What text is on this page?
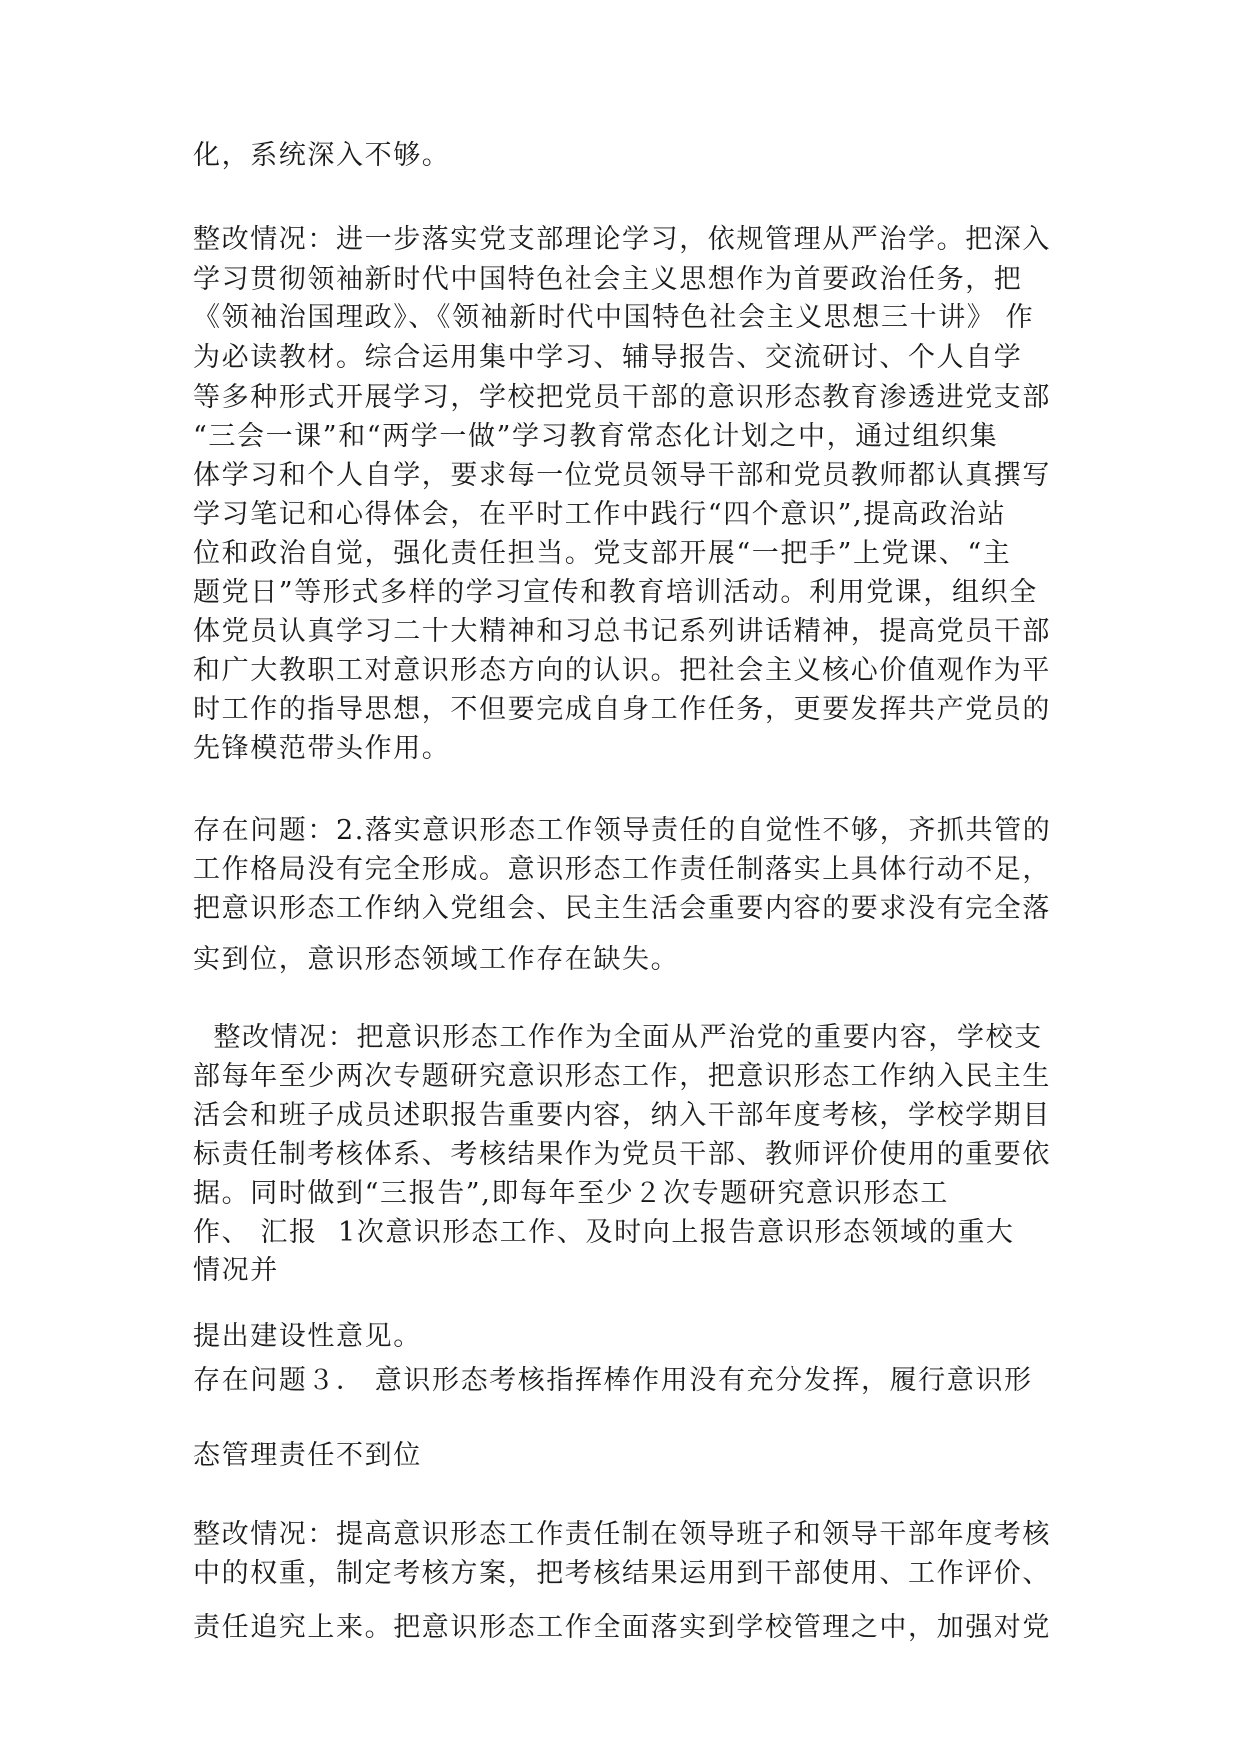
化，系统深入不够。
整改情况：进一步落实党支部理论学习，依规管理从严治学。把深入
学习贯彻领袖新时代中国特色社会主义思想作为首要政治任务，把
《领袖治国理政》、《领袖新时代中国特色社会主义思想三十讲》 作
为必读教材。综合运用集中学习、辅导报告、交流研讨、个人自学
等多种形式开展学习，学校把党员干部的意识形态教育渗透进党支部
“三会一课”和“两学一做”学习教育常态化计划之中，通过组织集
体学习和个人自学，要求每一位党员领导干部和党员教师都认真撰写
学习笔记和心得体会，在平时工作中践行“四个意识”,提高政治站
位和政治自觉，强化责任担当。党支部开展“一把手”上党课、“主
题党日”等形式多样的学习宣传和教育培训活动。利用党课，组织全
体党员认真学习二十大精神和习总书记系列讲话精神，提高党员干部
和广大教职工对意识形态方向的认识。把社会主义核心价值观作为平
时工作的指导思想，不但要完成自身工作任务，更要发挥共产党员的
先锋模范带头作用。
存在问题：2.落实意识形态工作领导责任的自觉性不够，齐抓共管的
工作格局没有完全形成。意识形态工作责任制落实上具体行动不足，
把意识形态工作纳入党组会、民主生活会重要内容的要求没有完全落
实到位，意识形态领域工作存在缺失。
整改情况：把意识形态工作作为全面从严治党的重要内容，学校支
部每年至少两次专题研究意识形态工作，把意识形态工作纳入民主生
活会和班子成员述职报告重要内容，纳入干部年度考核，学校学期目
标责任制考核体系、考核结果作为党员干部、教师评价使用的重要依
据。同时做到“三报告”,即每年至少２次专题研究意识形态工
作、 汇报  1次意识形态工作、及时向上报告意识形态领域的重大
情况并
提出建设性意见。
存在问题３． 意识形态考核指挥棒作用没有充分发挥，履行意识形
态管理责任不到位
整改情况：提高意识形态工作责任制在领导班子和领导干部年度考核
中的权重，制定考核方案，把考核结果运用到干部使用、工作评价、
责任追究上来。把意识形态工作全面落实到学校管理之中，加强对党
